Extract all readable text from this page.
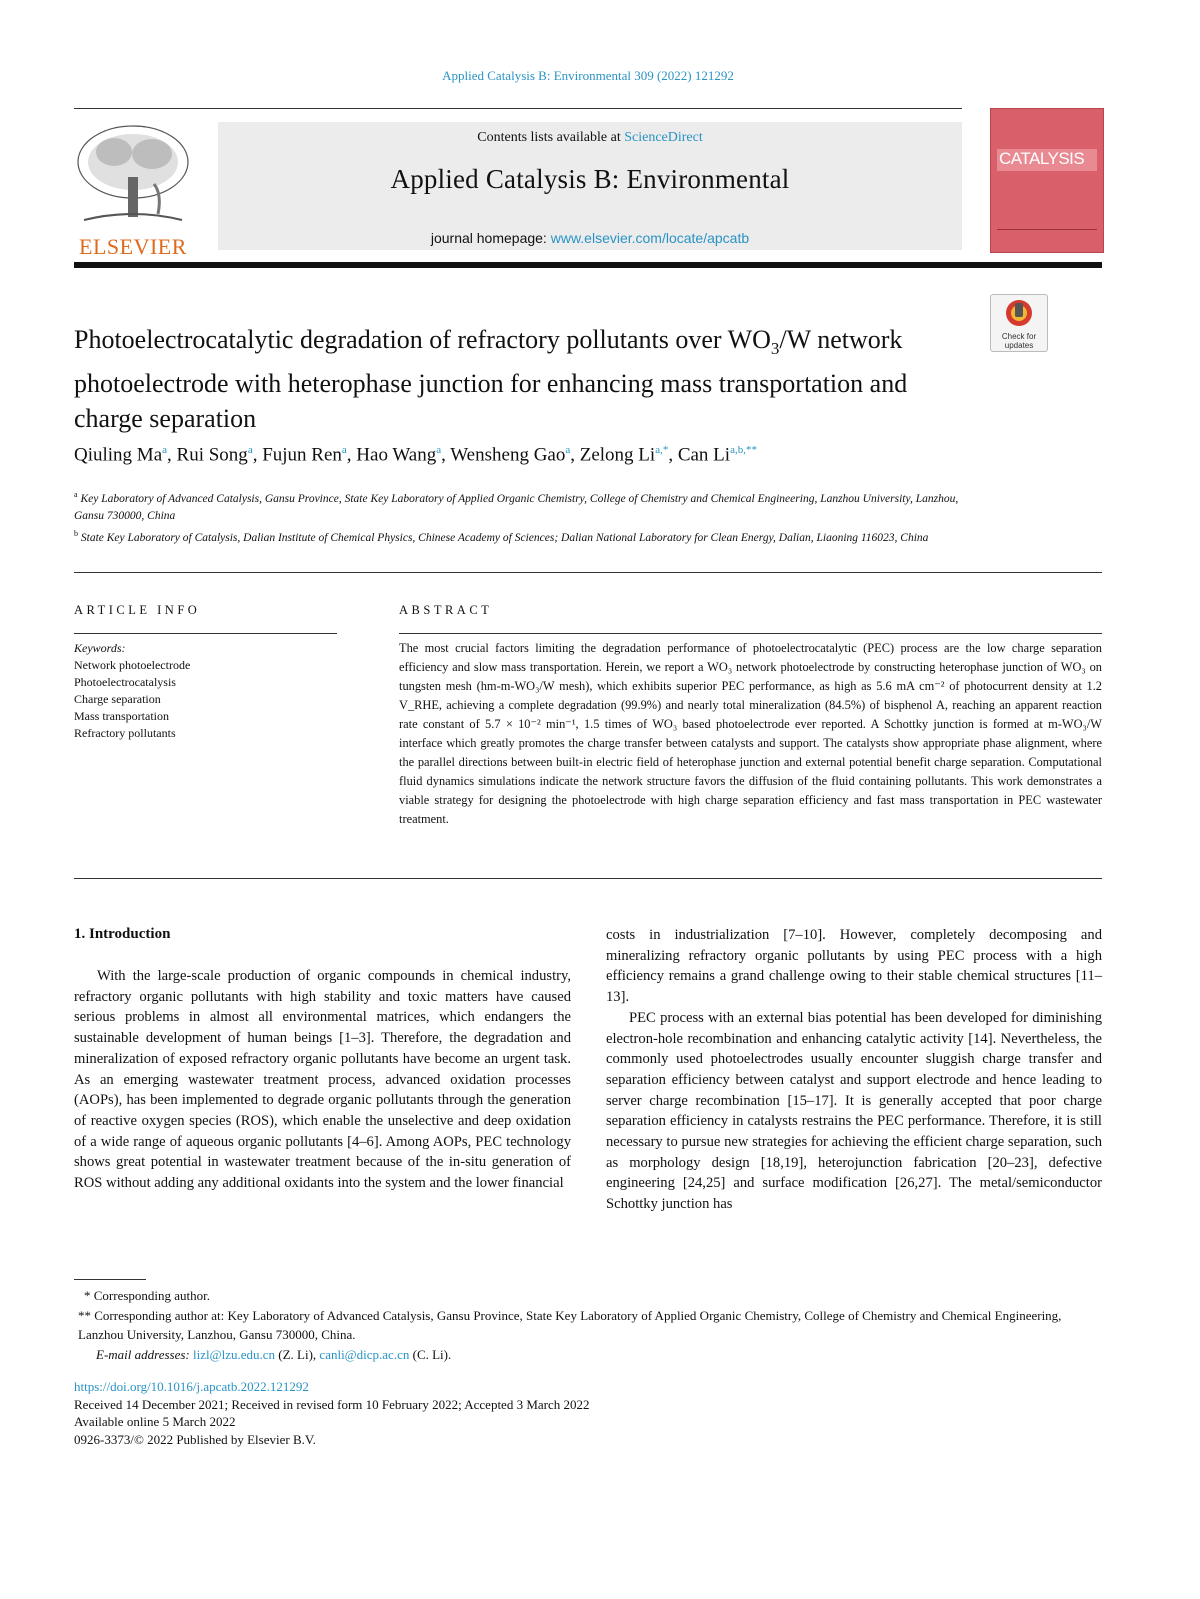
Applied Catalysis B: Environmental 309 (2022) 121292
ELSEVIER
Contents lists available at ScienceDirect
Applied Catalysis B: Environmental
journal homepage: www.elsevier.com/locate/apcatb
CATALYSIS
Check for updates
Photoelectrocatalytic degradation of refractory pollutants over $WO_3/W$ network photoelectrode with heterophase junction for enhancing mass transportation and charge separation
Qiuling Ma$^a$, Rui Song$^a$, Fujun Ren$^a$, Hao Wang$^a$, Wensheng Gao$^a$, Zelong $Li^{a,*}$, Can $Li^{a,b,**}$
$^a$ Key Laboratory of Advanced Catalysis, Gansu Province, State Key Laboratory of Applied Organic Chemistry, College of Chemistry and Chemical Engineering, Lanzhou University, Lanzhou, Gansu 730000, China
$^b$ State Key Laboratory of Catalysis, Dalian Institute of Chemical Physics, Chinese Academy of Sciences; Dalian National Laboratory for Clean Energy, Dalian, Liaoning 116023, China
ARTICLE INFO	ABSTRACT
Keywords:
Network photoelectrode
Photoelectrocatalysis
Charge separation
Mass transportation
Refractory pollutants
The most crucial factors limiting the degradation performance of photoelectrocatalytic (PEC) process are the low charge separation efficiency and slow mass transportation. Herein, we report a WO₃ network photoelectrode by constructing heterophase junction of WO₃ on tungsten mesh (hm-m-WO₃/W mesh), which exhibits superior PEC performance, as high as 5.6 mA cm⁻² of photocurrent density at 1.2 V_RHE, achieving a complete degradation (99.9%) and nearly total mineralization (84.5%) of bisphenol A, reaching an apparent reaction rate constant of 5.7 × 10⁻² min⁻¹, 1.5 times of WO₃ based photoelectrode ever reported. A Schottky junction is formed at m-WO₃/W interface which greatly promotes the charge transfer between catalysts and support. The catalysts show appropriate phase alignment, where the parallel directions between built-in electric field of heterophase junction and external potential benefit charge separation. Computational fluid dynamics simulations indicate the network structure favors the diffusion of the fluid containing pollutants. This work demonstrates a viable strategy for designing the photoelectrode with high charge separation efficiency and fast mass transportation in PEC wastewater treatment.
1. Introduction

With the large-scale production of organic compounds in chemical industry, refractory organic pollutants with high stability and toxic matters have caused serious problems in almost all environmental matrices, which endangers the sustainable development of human beings [1–3]. Therefore, the degradation and mineralization of exposed refractory organic pollutants have become an urgent task. As an emerging wastewater treatment process, advanced oxidation processes (AOPs), has been implemented to degrade organic pollutants through the generation of reactive oxygen species (ROS), which enable the unselective and deep oxidation of a wide range of aqueous organic pollutants [4–6]. Among AOPs, PEC technology shows great potential in wastewater treatment because of the in-situ generation of ROS without adding any additional oxidants into the system and the lower financial

costs in industrialization [7–10]. However, completely decomposing and mineralizing refractory organic pollutants by using PEC process with a high efficiency remains a grand challenge owing to their stable chemical structures [11–13].

PEC process with an external bias potential has been developed for diminishing electron-hole recombination and enhancing catalytic activity [14]. Nevertheless, the commonly used photoelectrodes usually encounter sluggish charge transfer and separation efficiency between catalyst and support electrode and hence leading to server charge recombination [15–17]. It is generally accepted that poor charge separation efficiency in catalysts restrains the PEC performance. Therefore, it is still necessary to pursue new strategies for achieving the efficient charge separation, such as morphology design [18,19], heterojunction fabrication [20–23], defective engineering [24,25] and surface modification [26,27]. The metal/semiconductor Schottky junction has

* Corresponding author.
** Corresponding author at: Key Laboratory of Advanced Catalysis, Gansu Province, State Key Laboratory of Applied Organic Chemistry, College of Chemistry and Chemical Engineering, Lanzhou University, Lanzhou, Gansu 730000, China.
E-mail addresses: lizl@lzu.edu.cn (Z. Li), canli@dicp.ac.cn (C. Li).
https://doi.org/10.1016/j.apcatb.2022.121292
Received 14 December 2021; Received in revised form 10 February 2022; Accepted 3 March 2022
Available online 5 March 2022
0926-3373/© 2022 Published by Elsevier B.V.
